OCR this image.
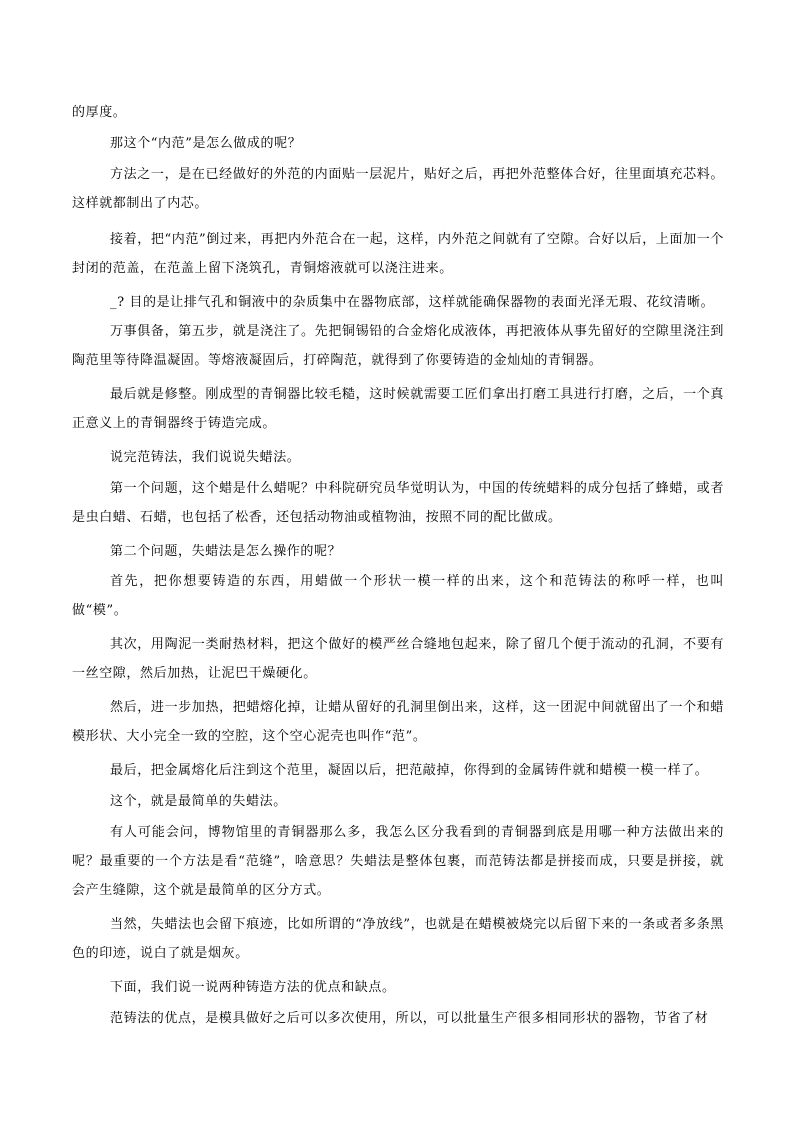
的厚度。

那这个“内范”是怎么做成的呢？

方法之一，是在已经做好的外范的内面贴一层泥片，贴好之后，再把外范整体合好，往里面填充芯料。这样就都制出了内芯。

接着，把“内范”倒过来，再把内外范合在一起，这样，内外范之间就有了空隙。合好以后，上面加一个封闭的范盖，在范盖上留下浇筑孔，青铜熔液就可以浇注进来。

_? 目的是让排气孔和铜液中的杂质集中在器物底部，这样就能确保器物的表面光泽无瑕、花纹清晰。

万事俱备，第五步，就是浇注了。先把铜锡铅的合金熔化成液体，再把液体从事先留好的空隙里浇注到陶范里等待降温凝固。等熔液凝固后，打碎陶范，就得到了你要铸造的金灿灿的青铜器。

最后就是修整。刚成型的青铜器比较毛糙，这时候就需要工匠们拿出打磨工具进行打磨，之后，一个真正意义上的青铜器终于铸造完成。

说完范铸法，我们说说失蜡法。

第一个问题，这个蜡是什么蜡呢？中科院研究员华觉明认为，中国的传统蜡料的成分包括了蜂蜡，或者是虫白蜡、石蜡，也包括了松香，还包括动物油或植物油，按照不同的配比做成。

第二个问题，失蜡法是怎么操作的呢？

首先，把你想要铸造的东西，用蜡做一个形状一模一样的出来，这个和范铸法的称呼一样，也叫做“模”。

其次，用陶泥一类耐热材料，把这个做好的模严丝合缝地包起来，除了留几个便于流动的孔洞，不要有一丝空隙，然后加热，让泥巴干燥硬化。

然后，进一步加热，把蜡熔化掉，让蜡从留好的孔洞里倒出来，这样，这一团泥中间就留出了一个和蜡模形状、大小完全一致的空腔，这个空心泥壳也叫作“范”。

最后，把金属熔化后注到这个范里，凝固以后，把范敲掉，你得到的金属铸件就和蜡模一模一样了。

这个，就是最简单的失蜡法。

有人可能会问，博物馆里的青铜器那么多，我怎么区分我看到的青铜器到底是用哪一种方法做出来的呢？最重要的一个方法是看“范缝”，啥意思？失蜡法是整体包裹，而范铸法都是拼接而成，只要是拼接，就会产生缝隙，这个就是最简单的区分方式。

当然，失蜡法也会留下痕迹，比如所谓的“净放线”，也就是在蜡模被烧完以后留下来的一条或者多条黑色的印迹，说白了就是烟灰。

下面，我们说一说两种铸造方法的优点和缺点。

范铸法的优点，是模具做好之后可以多次使用，所以，可以批量生产很多相同形状的器物，节省了材
